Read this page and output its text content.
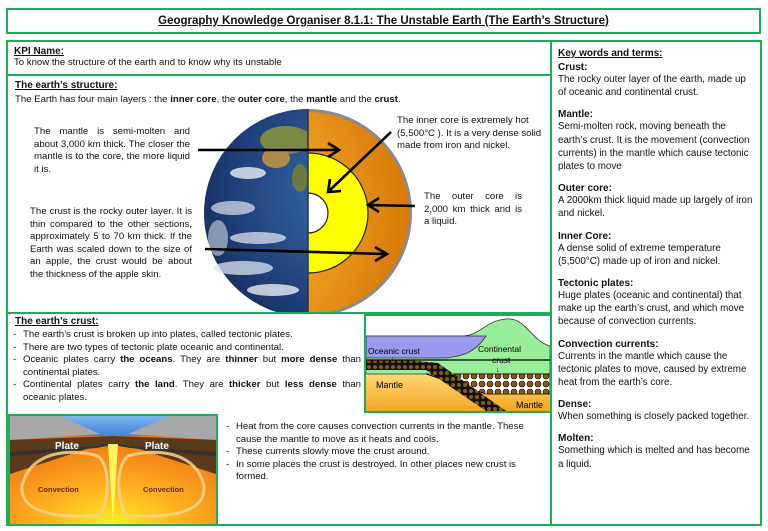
Geography Knowledge Organiser 8.1.1: The Unstable Earth (The Earth’s Structure)
Key words and terms:
Crust:
The rocky outer layer of the earth, made up of oceanic and continental crust.
Mantle:
Semi-molten rock, moving beneath the earth’s crust. It is the movement (convection currents) in the mantle which cause tectonic plates to move
Outer core:
A 2000km thick liquid made up largely of iron and nickel.
Inner Core:
A dense solid of extreme temperature (5,500°C) made up of iron and nickel.
Tectonic plates:
Huge plates (oceanic and continental) that make up the earth’s crust, and which move because of convection currents.
Convection currents:
Currents in the mantle which cause the tectonic plates to move, caused by extreme heat from the earth’s core.
Dense:
When something is closely packed together.
Molten:
Something which is melted and has become a liquid.
KPI Name:
To know the structure of the earth and to know why its unstable
The earth’s structure:
The Earth has four main layers : the inner core, the outer core, the mantle and the crust.
The mantle is semi-molten and about 3,000 km thick. The closer the mantle is to the core, the more liquid it is.
The crust is the rocky outer layer. It is thin compared to the other sections, approximately 5 to 70 km thick. If the Earth was scaled down to the size of an apple, the crust would be about the thickness of the apple skin.
The inner core is extremely hot (5,500°C ). It is a very dense solid made from iron and nickel.
The outer core is 2,000 km thick and is a liquid.
The earth’s crust:
- The earth’s crust is broken up into plates, called tectonic plates.
- There are two types of tectonic plate oceanic and continental.
- Oceanic plates carry the oceans. They are thinner but more dense than continental plates.
- Continental plates carry the land. They are thicker but less dense than oceanic plates.
Oceanic crust
↓
Continental
crust
↓
Mantle
Mantle
Plate	Plate
Convection	Convection
- Heat from the core causes convection currents in the mantle. These cause the mantle to move as it heats and cools.
- These currents slowly move the crust around.
- In some places the crust is destroyed. In other places new crust is formed.
